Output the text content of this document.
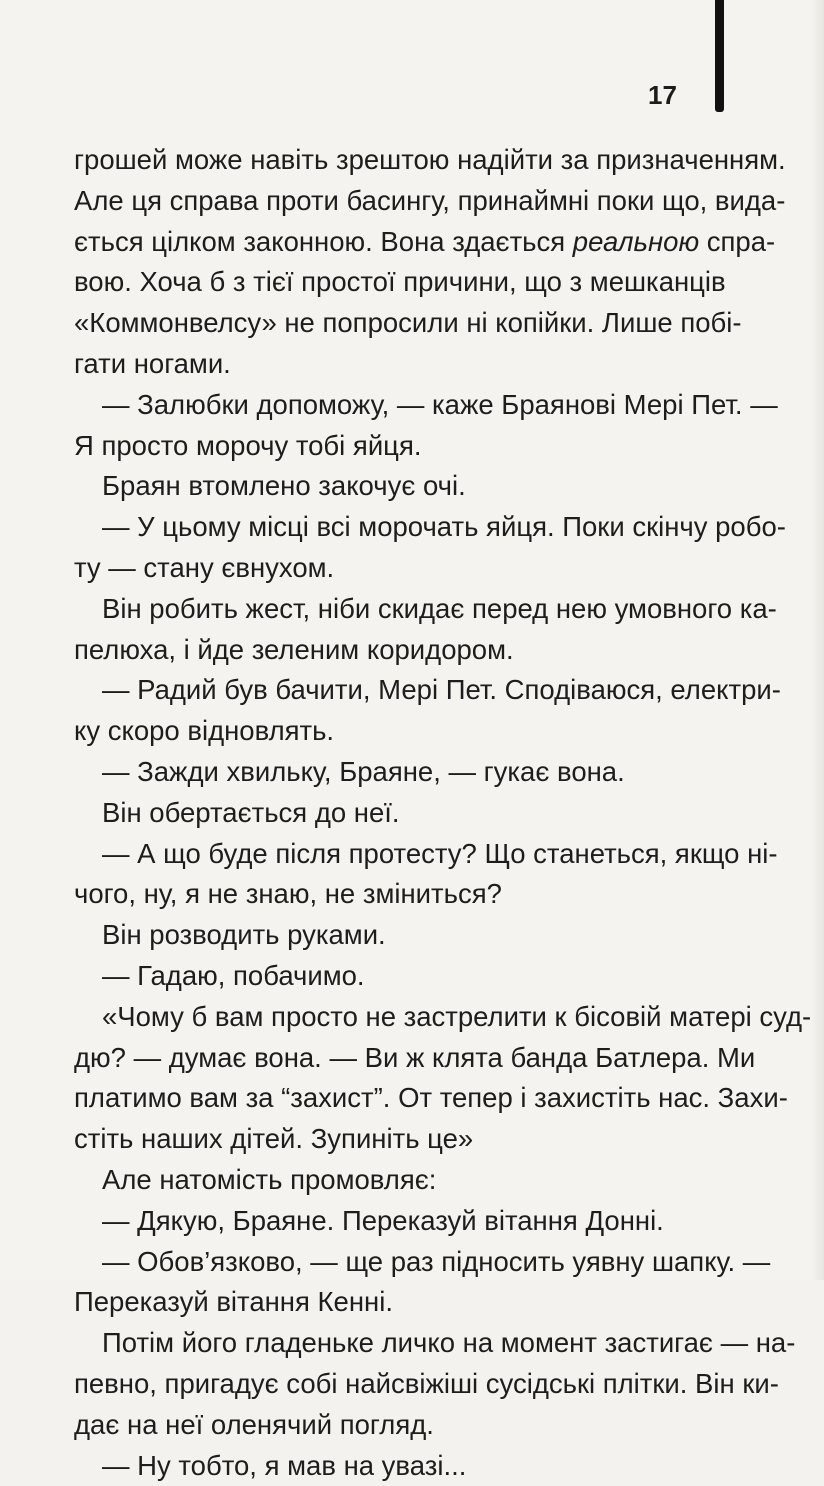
17
грошей може навіть зрештою надійти за призначенням.
Але ця справа проти басингу, принаймні поки що, вида-
ється цілком законною. Вона здається реальною спра-
вою. Хоча б з тієї простої причини, що з мешканців
«Коммонвелсу» не попросили ні копійки. Лише побі-
гати ногами.
— Залюбки допоможу, — каже Браянові Мері Пет. —
Я просто морочу тобі яйця.
Браян втомлено закочує очі.
— У цьому місці всі морочать яйця. Поки скінчу робо-
ту — стану євнухом.
Він робить жест, ніби скидає перед нею умовного ка-
пелюха, і йде зеленим коридором.
— Радий був бачити, Мері Пет. Сподіваюся, електри-
ку скоро відновлять.
— Зажди хвильку, Браяне, — гукає вона.
Він обертається до неї.
— А що буде після протесту? Що станеться, якщо ні-
чого, ну, я не знаю, не зміниться?
Він розводить руками.
— Гадаю, побачимо.
«Чому б вам просто не застрелити к бісовій матері суд-
дю? — думає вона. — Ви ж клята банда Батлера. Ми
платимо вам за “захист”. От тепер і захистіть нас. Захи-
стіть наших дітей. Зупиніть це»
Але натомість промовляє:
— Дякую, Браяне. Переказуй вітання Донні.
— Обов’язково, — ще раз підносить уявну шапку. —
Переказуй вітання Кенні.
Потім його гладеньке личко на момент застигає — на-
певно, пригадує собі найсвіжіші сусідські плітки. Він ки-
дає на неї оленячий погляд.
— Ну тобто, я мав на увазі...
